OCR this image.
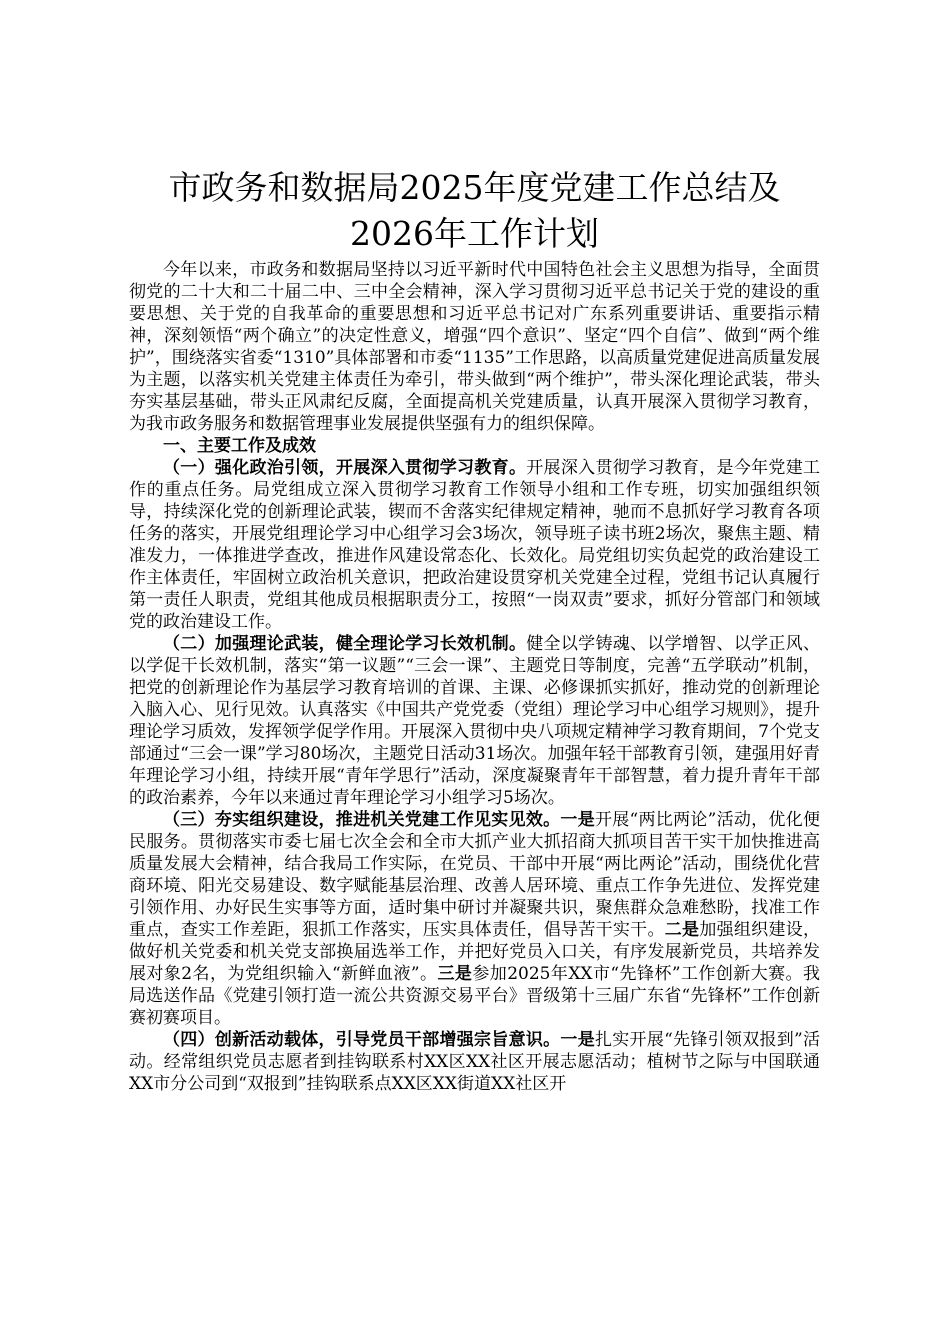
市政务和数据局2025年度党建工作总结及
2026年工作计划

今年以来，市政务和数据局坚持以习近平新时代中国特色社会主义思想为指导，全面贯彻党的二十大和二十届二中、三中全会精神，深入学习贯彻习近平总书记关于党的建设的重要思想、关于党的自我革命的重要思想和习近平总书记对广东系列重要讲话、重要指示精神，深刻领悟“两个确立”的决定性意义，增强“四个意识”、坚定“四个自信”、做到“两个维护”，围绕落实省委“1310”具体部署和市委“1135”工作思路，以高质量党建促进高质量发展为主题，以落实机关党建主体责任为牵引，带头做到“两个维护”，带头深化理论武装，带头夯实基层基础，带头正风肃纪反腐，全面提高机关党建质量，认真开展深入贯彻学习教育，为我市政务服务和数据管理事业发展提供坚强有力的组织保障。

一、主要工作及成效

（一）强化政治引领，开展深入贯彻学习教育。开展深入贯彻学习教育，是今年党建工作的重点任务。局党组成立深入贯彻学习教育工作领导小组和工作专班，切实加强组织领导，持续深化党的创新理论武装，锲而不舍落实纪律规定精神，驰而不息抓好学习教育各项任务的落实，开展党组理论学习中心组学习会3场次，领导班子读书班2场次，聚焦主题、精准发力，一体推进学查改，推进作风建设常态化、长效化。局党组切实负起党的政治建设工作主体责任，牢固树立政治机关意识，把政治建设贯穿机关党建全过程，党组书记认真履行第一责任人职责，党组其他成员根据职责分工，按照“一岗双责”要求，抓好分管部门和领域党的政治建设工作。

（二）加强理论武装，健全理论学习长效机制。健全以学铸魂、以学增智、以学正风、以学促干长效机制，落实“第一议题”“三会一课”、主题党日等制度，完善“五学联动”机制，把党的创新理论作为基层学习教育培训的首课、主课、必修课抓实抓好，推动党的创新理论入脑入心、见行见效。认真落实《中国共产党党委（党组）理论学习中心组学习规则》，提升理论学习质效，发挥领学促学作用。开展深入贯彻中央八项规定精神学习教育期间，7个党支部通过“三会一课”学习80场次，主题党日活动31场次。加强年轻干部教育引领，建强用好青年理论学习小组，持续开展“青年学思行”活动，深度凝聚青年干部智慧，着力提升青年干部的政治素养，今年以来通过青年理论学习小组学习5场次。

（三）夯实组织建设，推进机关党建工作见实见效。一是开展“两比两论”活动，优化便民服务。贯彻落实市委七届七次全会和全市大抓产业大抓招商大抓项目苦干实干加快推进高质量发展大会精神，结合我局工作实际，在党员、干部中开展“两比两论”活动，围绕优化营商环境、阳光交易建设、数字赋能基层治理、改善人居环境、重点工作争先进位、发挥党建引领作用、办好民生实事等方面，适时集中研讨并凝聚共识，聚焦群众急难愁盼，找准工作重点，查实工作差距，狠抓工作落实，压实具体责任，倡导苦干实干。二是加强组织建设，做好机关党委和机关党支部换届选举工作，并把好党员入口关，有序发展新党员，共培养发展对象2名，为党组织输入“新鲜血液”。三是参加2025年XX市“先锋杯”工作创新大赛。我局选送作品《党建引领打造一流公共资源交易平台》晋级第十三届广东省“先锋杯”工作创新赛初赛项目。

（四）创新活动载体，引导党员干部增强宗旨意识。一是扎实开展“先锋引领双报到”活动。经常组织党员志愿者到挂钩联系村XX区XX社区开展志愿活动；植树节之际与中国联通XX市分公司到“双报到”挂钩联系点XX区XX街道XX社区开
